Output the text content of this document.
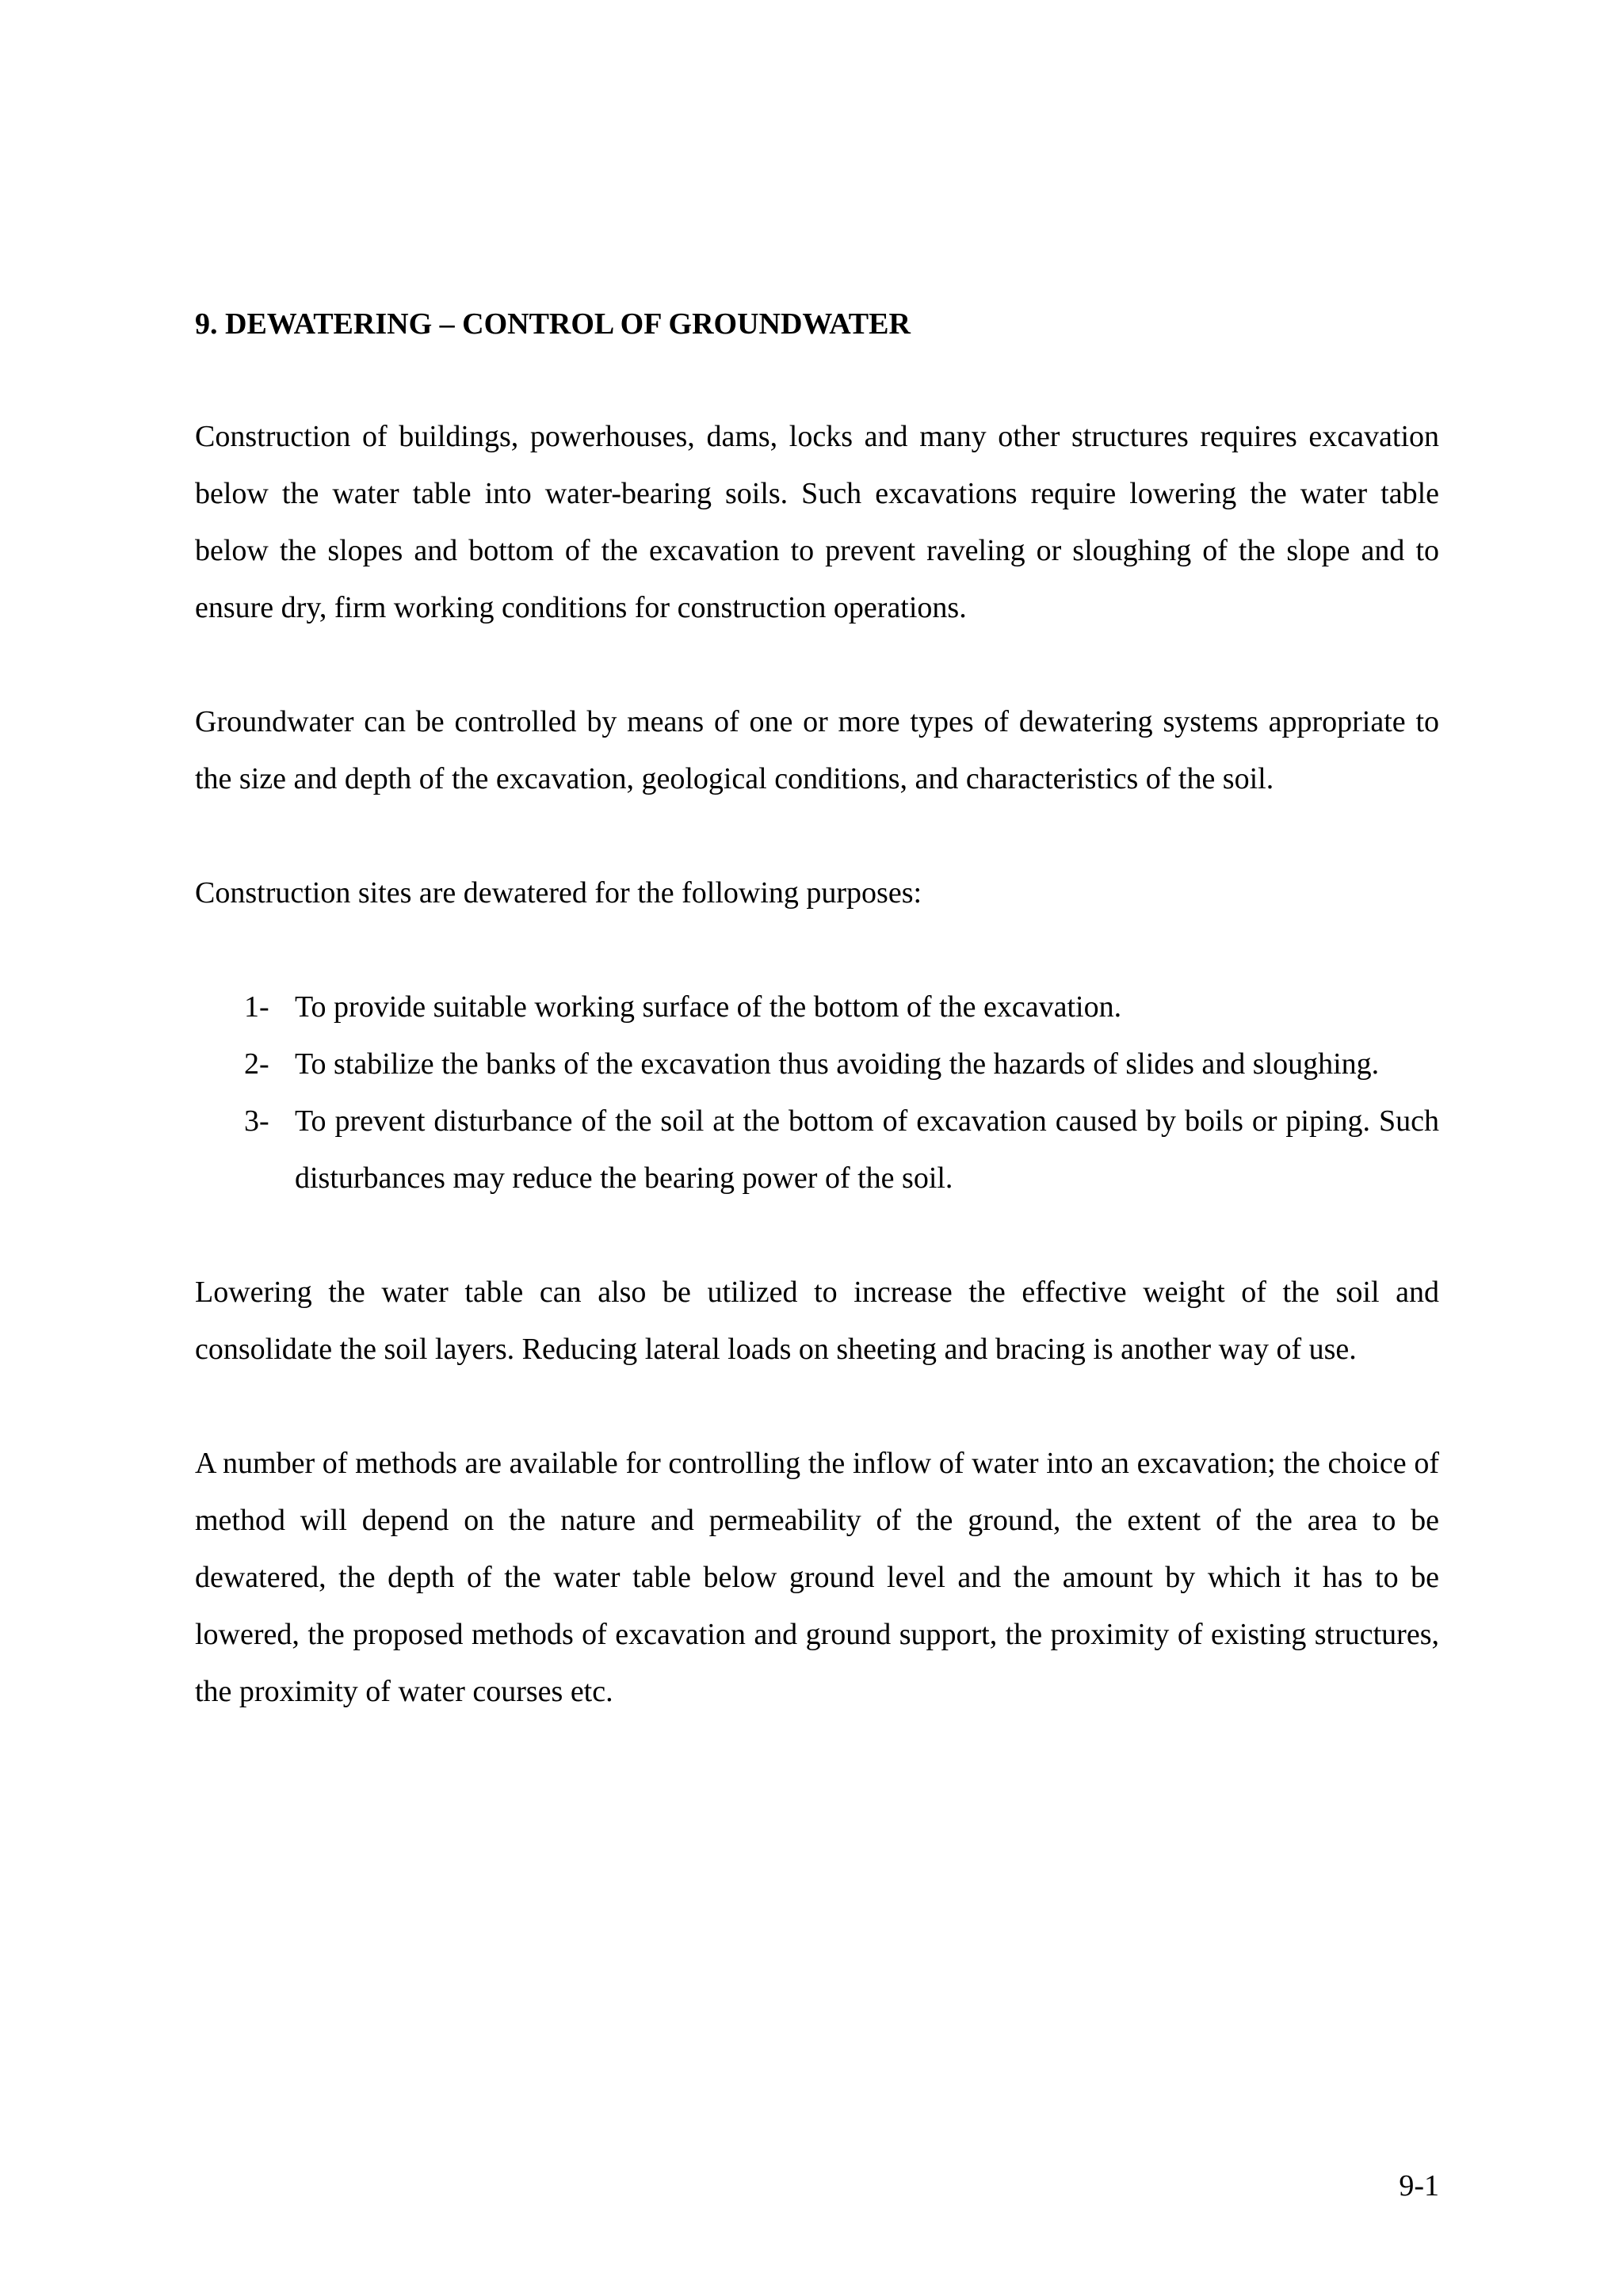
9. DEWATERING – CONTROL OF GROUNDWATER

Construction of buildings, powerhouses, dams, locks and many other structures requires excavation below the water table into water-bearing soils. Such excavations require lowering the water table below the slopes and bottom of the excavation to prevent raveling or sloughing of the slope and to ensure dry, firm working conditions for construction operations.

Groundwater can be controlled by means of one or more types of dewatering systems appropriate to the size and depth of the excavation, geological conditions, and characteristics of the soil.

Construction sites are dewatered for the following purposes:

1- To provide suitable working surface of the bottom of the excavation.
2- To stabilize the banks of the excavation thus avoiding the hazards of slides and sloughing.
3- To prevent disturbance of the soil at the bottom of excavation caused by boils or piping. Such disturbances may reduce the bearing power of the soil.

Lowering the water table can also be utilized to increase the effective weight of the soil and consolidate the soil layers. Reducing lateral loads on sheeting and bracing is another way of use.

A number of methods are available for controlling the inflow of water into an excavation; the choice of method will depend on the nature and permeability of the ground, the extent of the area to be dewatered, the depth of the water table below ground level and the amount by which it has to be lowered, the proposed methods of excavation and ground support, the proximity of existing structures, the proximity of water courses etc.

9-1
